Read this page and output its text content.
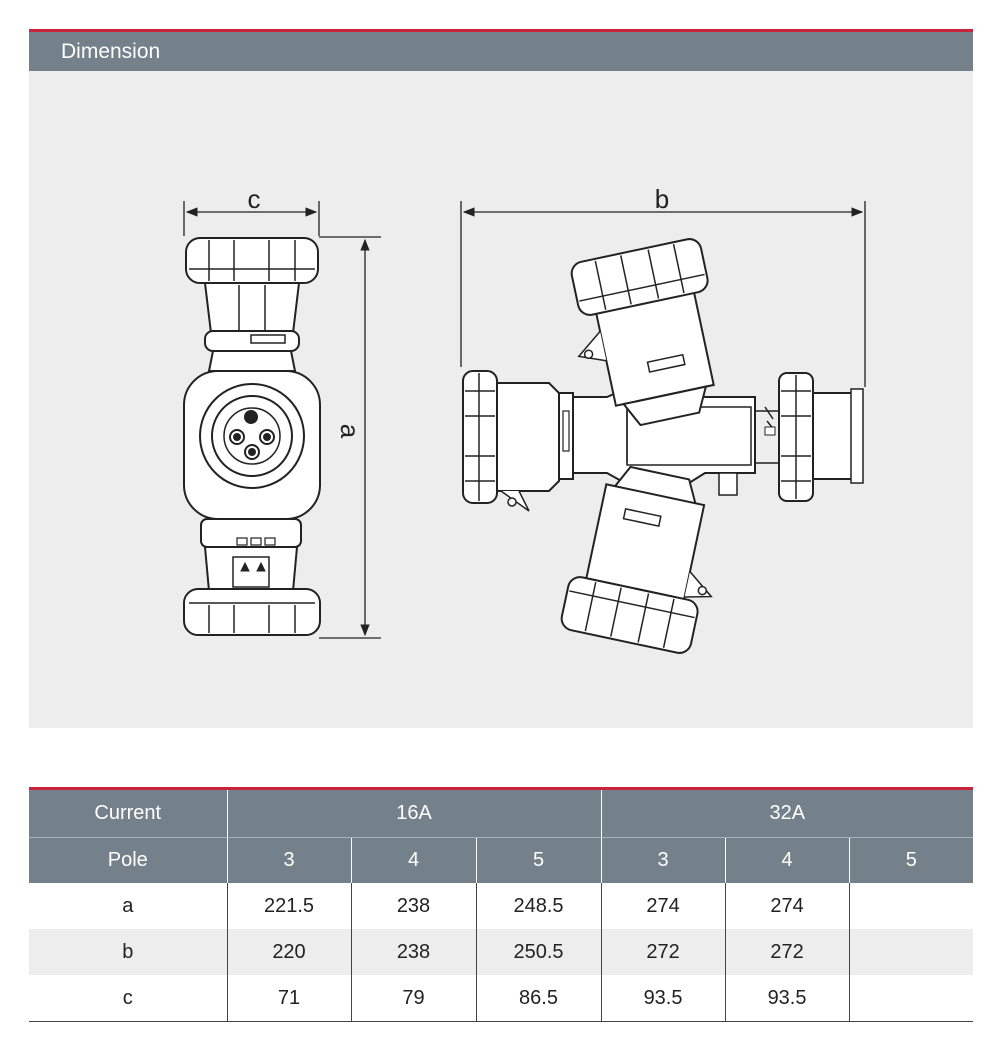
Dimension
c
a
b
Current	16A			32A		
Pole	3	4	5	3	4	5
a	221.5	238	248.5	274	274	
b	220	238	250.5	272	272	
c	71	79	86.5	93.5	93.5	
